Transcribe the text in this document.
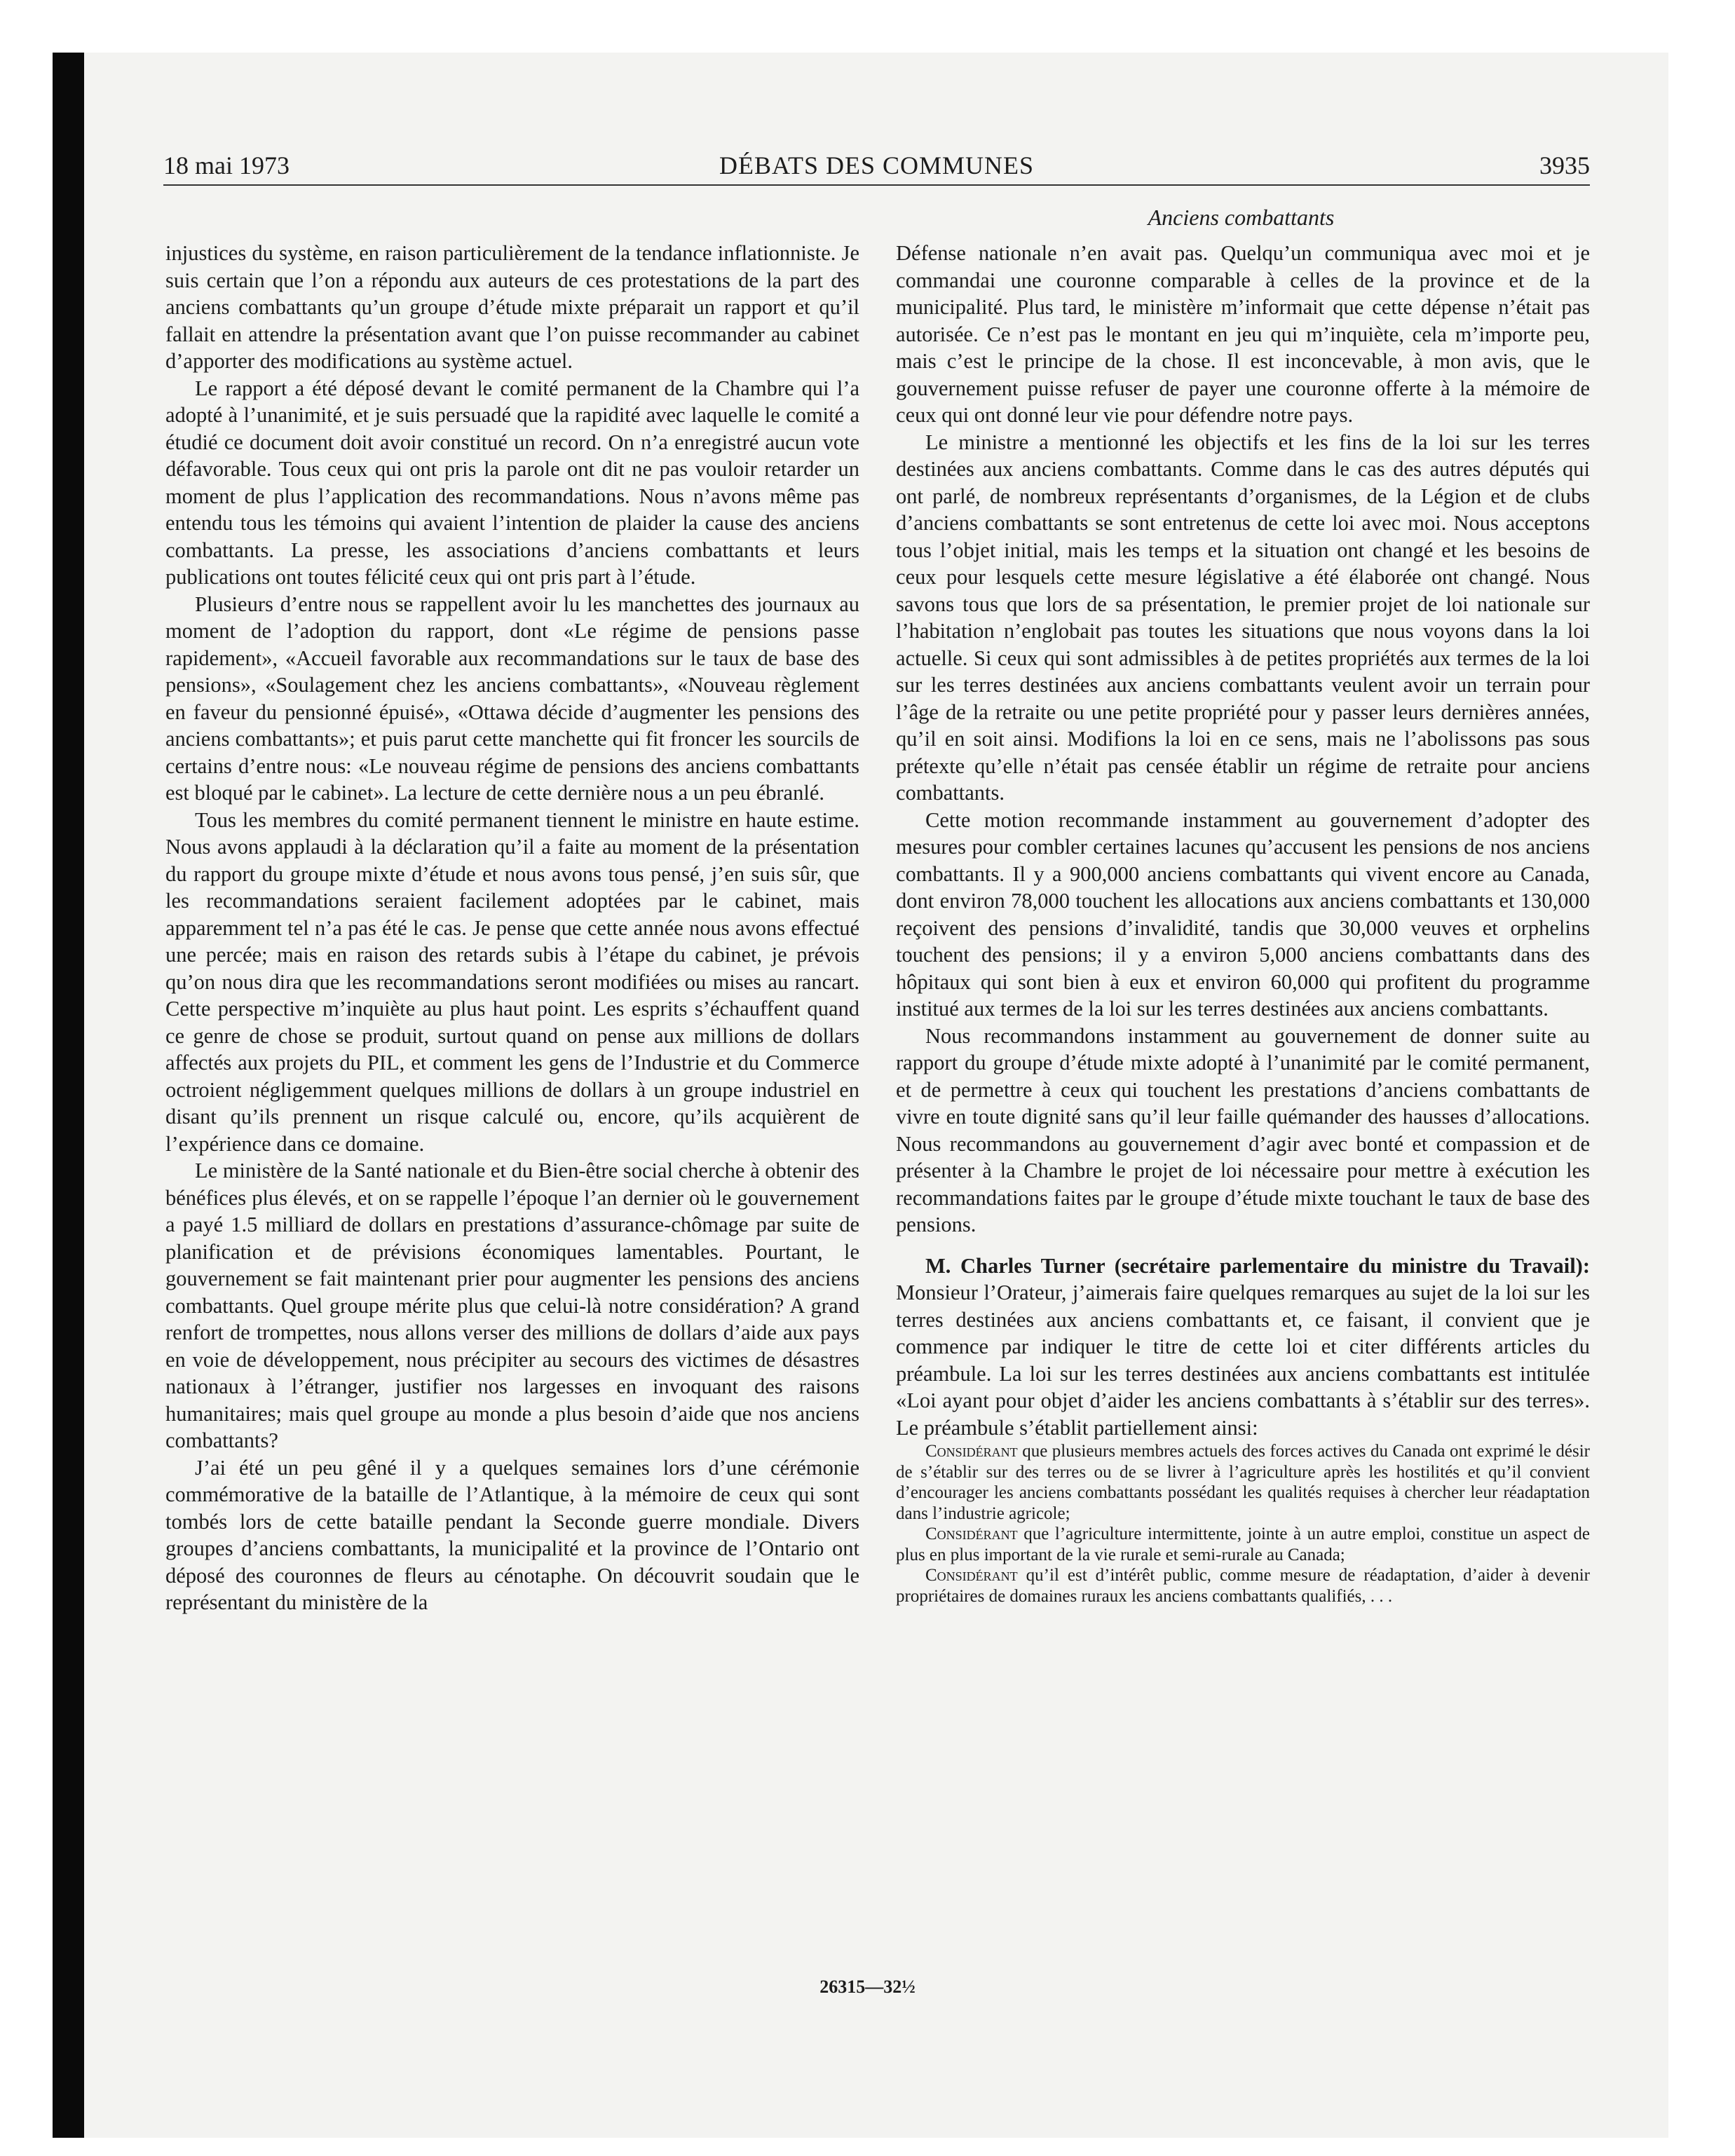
18 mai 1973	DÉBATS DES COMMUNES	3935
Anciens combattants

injustices du système, en raison particulièrement de la tendance inflationniste. Je suis certain que l’on a répondu aux auteurs de ces protestations de la part des anciens combattants qu’un groupe d’étude mixte préparait un rapport et qu’il fallait en attendre la présentation avant que l’on puisse recommander au cabinet d’apporter des modifications au système actuel.

Le rapport a été déposé devant le comité permanent de la Chambre qui l’a adopté à l’unanimité, et je suis persuadé que la rapidité avec laquelle le comité a étudié ce document doit avoir constitué un record. On n’a enregistré aucun vote défavorable. Tous ceux qui ont pris la parole ont dit ne pas vouloir retarder un moment de plus l’application des recommandations. Nous n’avons même pas entendu tous les témoins qui avaient l’intention de plaider la cause des anciens combattants. La presse, les associations d’anciens combattants et leurs publications ont toutes félicité ceux qui ont pris part à l’étude.

Plusieurs d’entre nous se rappellent avoir lu les manchettes des journaux au moment de l’adoption du rapport, dont «Le régime de pensions passe rapidement», «Accueil favorable aux recommandations sur le taux de base des pensions», «Soulagement chez les anciens combattants», «Nouveau règlement en faveur du pensionné épuisé», «Ottawa décide d’augmenter les pensions des anciens combattants»; et puis parut cette manchette qui fit froncer les sourcils de certains d’entre nous: «Le nouveau régime de pensions des anciens combattants est bloqué par le cabinet». La lecture de cette dernière nous a un peu ébranlé.

Tous les membres du comité permanent tiennent le ministre en haute estime. Nous avons applaudi à la déclaration qu’il a faite au moment de la présentation du rapport du groupe mixte d’étude et nous avons tous pensé, j’en suis sûr, que les recommandations seraient facilement adoptées par le cabinet, mais apparemment tel n’a pas été le cas. Je pense que cette année nous avons effectué une percée; mais en raison des retards subis à l’étape du cabinet, je prévois qu’on nous dira que les recommandations seront modifiées ou mises au rancart. Cette perspective m’inquiète au plus haut point. Les esprits s’échauffent quand ce genre de chose se produit, surtout quand on pense aux millions de dollars affectés aux projets du PIL, et comment les gens de l’Industrie et du Commerce octroient négligemment quelques millions de dollars à un groupe industriel en disant qu’ils prennent un risque calculé ou, encore, qu’ils acquièrent de l’expérience dans ce domaine.

Le ministère de la Santé nationale et du Bien-être social cherche à obtenir des bénéfices plus élevés, et on se rappelle l’époque l’an dernier où le gouvernement a payé 1.5 milliard de dollars en prestations d’assurance-chômage par suite de planification et de prévisions économiques lamentables. Pourtant, le gouvernement se fait maintenant prier pour augmenter les pensions des anciens combattants. Quel groupe mérite plus que celui-là notre considération? A grand renfort de trompettes, nous allons verser des millions de dollars d’aide aux pays en voie de développement, nous précipiter au secours des victimes de désastres nationaux à l’étranger, justifier nos largesses en invoquant des raisons humanitaires; mais quel groupe au monde a plus besoin d’aide que nos anciens combattants?

J’ai été un peu gêné il y a quelques semaines lors d’une cérémonie commémorative de la bataille de l’Atlantique, à la mémoire de ceux qui sont tombés lors de cette bataille pendant la Seconde guerre mondiale. Divers groupes d’anciens combattants, la municipalité et la province de l’Ontario ont déposé des couronnes de fleurs au cénotaphe. On découvrit soudain que le représentant du ministère de la

Défense nationale n’en avait pas. Quelqu’un communiqua avec moi et je commandai une couronne comparable à celles de la province et de la municipalité. Plus tard, le ministère m’informait que cette dépense n’était pas autorisée. Ce n’est pas le montant en jeu qui m’inquiète, cela m’importe peu, mais c’est le principe de la chose. Il est inconcevable, à mon avis, que le gouvernement puisse refuser de payer une couronne offerte à la mémoire de ceux qui ont donné leur vie pour défendre notre pays.

Le ministre a mentionné les objectifs et les fins de la loi sur les terres destinées aux anciens combattants. Comme dans le cas des autres députés qui ont parlé, de nombreux représentants d’organismes, de la Légion et de clubs d’anciens combattants se sont entretenus de cette loi avec moi. Nous acceptons tous l’objet initial, mais les temps et la situation ont changé et les besoins de ceux pour lesquels cette mesure législative a été élaborée ont changé. Nous savons tous que lors de sa présentation, le premier projet de loi nationale sur l’habitation n’englobait pas toutes les situations que nous voyons dans la loi actuelle. Si ceux qui sont admissibles à de petites propriétés aux termes de la loi sur les terres destinées aux anciens combattants veulent avoir un terrain pour l’âge de la retraite ou une petite propriété pour y passer leurs dernières années, qu’il en soit ainsi. Modifions la loi en ce sens, mais ne l’abolissons pas sous prétexte qu’elle n’était pas censée établir un régime de retraite pour anciens combattants.

Cette motion recommande instamment au gouvernement d’adopter des mesures pour combler certaines lacunes qu’accusent les pensions de nos anciens combattants. Il y a 900,000 anciens combattants qui vivent encore au Canada, dont environ 78,000 touchent les allocations aux anciens combattants et 130,000 reçoivent des pensions d’invalidité, tandis que 30,000 veuves et orphelins touchent des pensions; il y a environ 5,000 anciens combattants dans des hôpitaux qui sont bien à eux et environ 60,000 qui profitent du programme institué aux termes de la loi sur les terres destinées aux anciens combattants.

Nous recommandons instamment au gouvernement de donner suite au rapport du groupe d’étude mixte adopté à l’unanimité par le comité permanent, et de permettre à ceux qui touchent les prestations d’anciens combattants de vivre en toute dignité sans qu’il leur faille quémander des hausses d’allocations. Nous recommandons au gouvernement d’agir avec bonté et compassion et de présenter à la Chambre le projet de loi nécessaire pour mettre à exécution les recommandations faites par le groupe d’étude mixte touchant le taux de base des pensions.

M. Charles Turner (secrétaire parlementaire du ministre du Travail): Monsieur l’Orateur, j’aimerais faire quelques remarques au sujet de la loi sur les terres destinées aux anciens combattants et, ce faisant, il convient que je commence par indiquer le titre de cette loi et citer différents articles du préambule. La loi sur les terres destinées aux anciens combattants est intitulée «Loi ayant pour objet d’aider les anciens combattants à s’établir sur des terres». Le préambule s’établit partiellement ainsi:

Considérant que plusieurs membres actuels des forces actives du Canada ont exprimé le désir de s’établir sur des terres ou de se livrer à l’agriculture après les hostilités et qu’il convient d’encourager les anciens combattants possédant les qualités requises à chercher leur réadaptation dans l’industrie agricole;

Considérant que l’agriculture intermittente, jointe à un autre emploi, constitue un aspect de plus en plus important de la vie rurale et semi-rurale au Canada;

Considérant qu’il est d’intérêt public, comme mesure de réadaptation, d’aider à devenir propriétaires de domaines ruraux les anciens combattants qualifiés, . . .

26315—32½
